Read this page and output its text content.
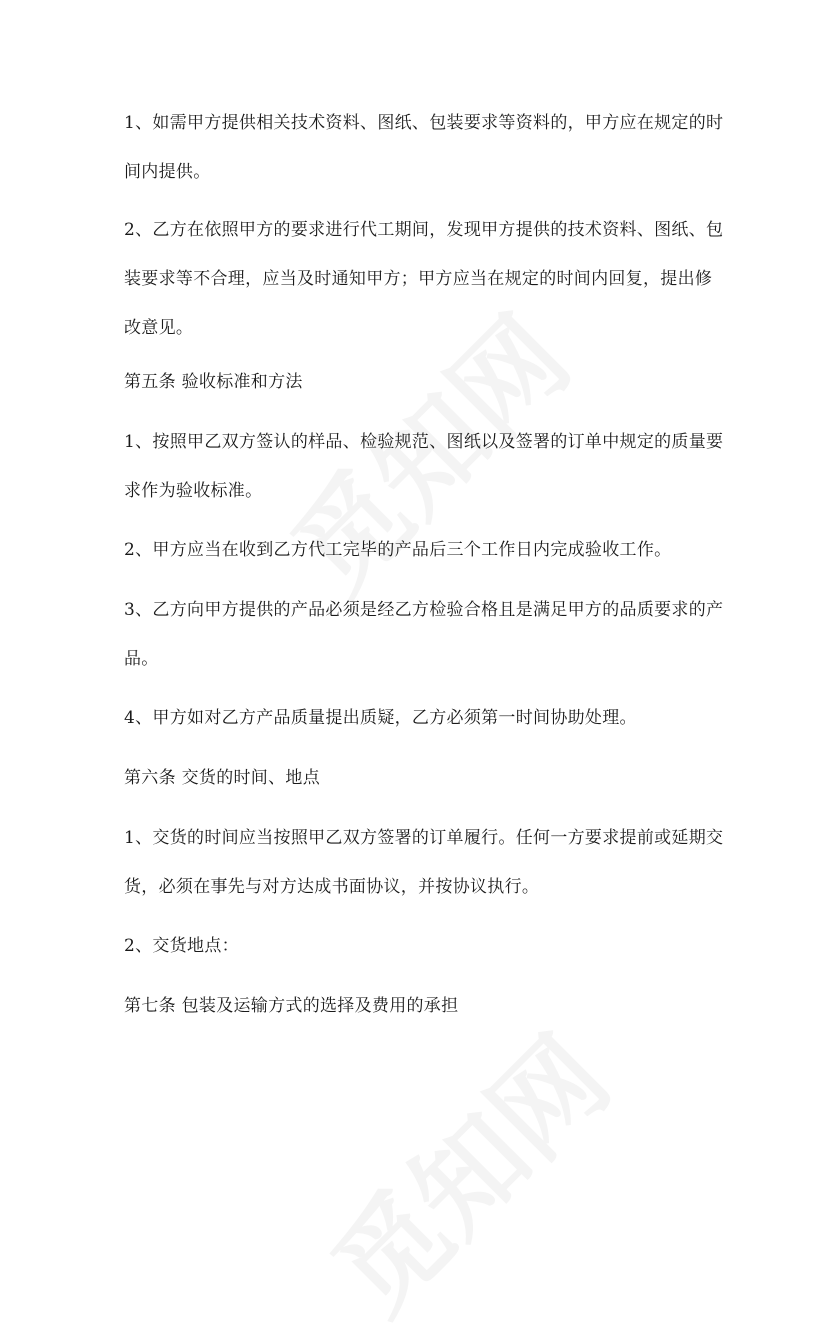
1、如需甲方提供相关技术资料、图纸、包装要求等资料的，甲方应在规定的时间内提供。

2、乙方在依照甲方的要求进行代工期间，发现甲方提供的技术资料、图纸、包装要求等不合理，应当及时通知甲方；甲方应当在规定的时间内回复，提出修改意见。

第五条 验收标准和方法

1、按照甲乙双方签认的样品、检验规范、图纸以及签署的订单中规定的质量要求作为验收标准。

2、甲方应当在收到乙方代工完毕的产品后三个工作日内完成验收工作。

3、乙方向甲方提供的产品必须是经乙方检验合格且是满足甲方的品质要求的产品。

4、甲方如对乙方产品质量提出质疑，乙方必须第一时间协助处理。

第六条 交货的时间、地点

1、交货的时间应当按照甲乙双方签署的订单履行。任何一方要求提前或延期交货，必须在事先与对方达成书面协议，并按协议执行。

2、交货地点：

第七条 包装及运输方式的选择及费用的承担
